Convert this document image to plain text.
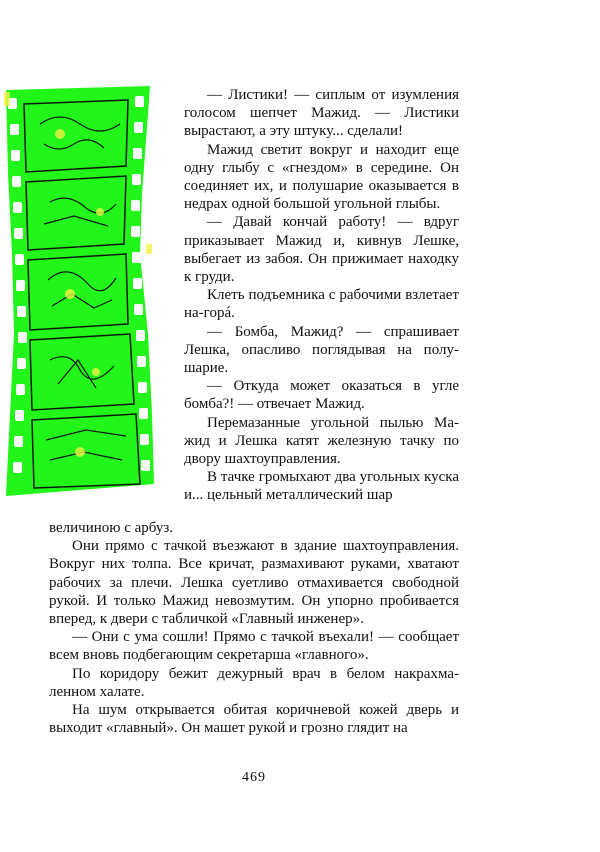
— Листики! — сиплым от изумления голосом шепчет Мажид. — Листики вырастают, а эту штуку... сделали!

Мажид светит вокруг и находит еще одну глыбу с «гнездом» в середине. Он соединяет их, и полушарие оказывается в недрах одной большой угольной глыбы.

— Давай кончай работу! — вдруг приказывает Мажид и, кивнув Лешке, выбегает из забоя. Он прижимает находку к груди.

Клеть подъемника с рабочими взлетает на-горá.

— Бомба, Мажид? — спрашивает Лешка, опасливо поглядывая на полушарие.

— Откуда может оказаться в угле бомба?! — отвечает Мажид.

Перемазанные угольной пылью Мажид и Лешка катят железную тачку по двору шахтоуправления.

В тачке громыхают два угольных куска и... цельный металлический шар

величиною с арбуз.

Они прямо с тачкой въезжают в здание шахтоуправления. Вокруг них толпа. Все кричат, размахивают руками, хватают рабочих за плечи. Лешка суетливо отмахивается свободной рукой. И только Мажид невозмутим. Он упорно пробивается вперед, к двери с табличкой «Главный инженер».

— Они с ума сошли! Прямо с тачкой въехали! — сообщает всем вновь подбегающим секретарша «главного».

По коридору бежит дежурный врач в белом накрахмаленном халате.

На шум открывается обитая коричневой кожей дверь и выходит «главный». Он машет рукой и грозно глядит на

469
